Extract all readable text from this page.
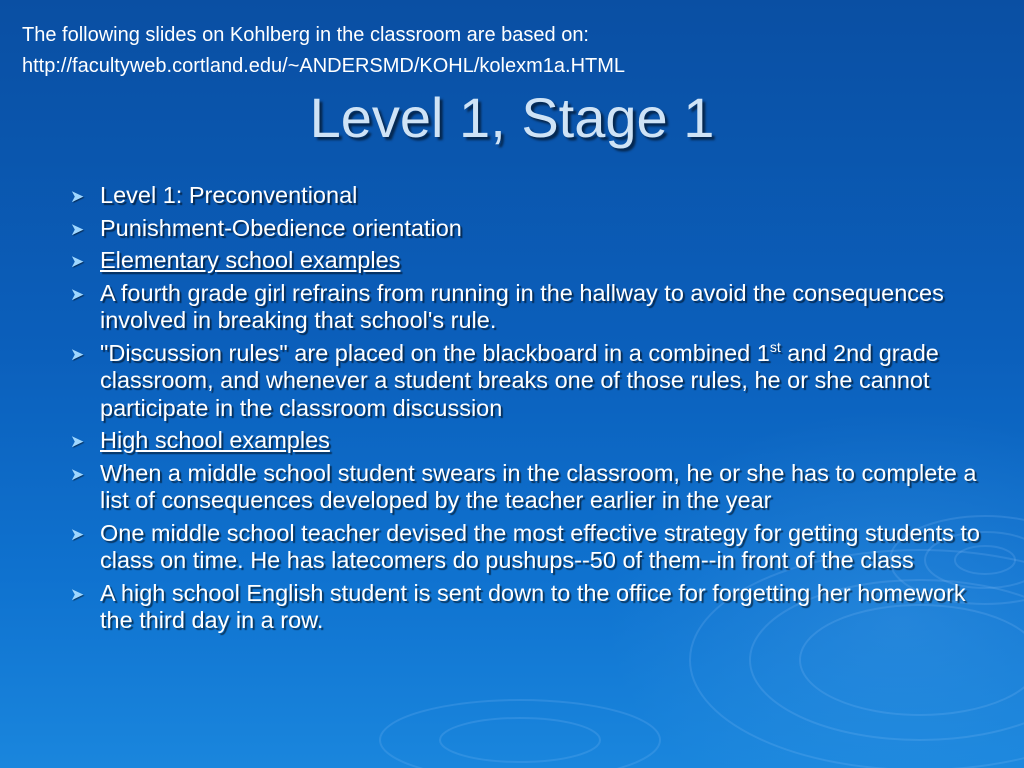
The following slides on Kohlberg in the classroom are based on:
http://facultyweb.cortland.edu/~ANDERSMD/KOHL/kolexm1a.HTML
Level 1, Stage 1
➤ Level 1: Preconventional
➤ Punishment-Obedience orientation
➤ Elementary school examples
➤ A fourth grade girl refrains from running in the hallway to avoid the consequences involved in breaking that school's rule.
➤ "Discussion rules" are placed on the blackboard in a combined 1st and 2nd grade classroom, and whenever a student breaks one of those rules, he or she cannot participate in the classroom discussion
➤ High school examples
➤ When a middle school student swears in the classroom, he or she has to complete a list of consequences developed by the teacher earlier in the year
➤ One middle school teacher devised the most effective strategy for getting students to class on time. He has latecomers do pushups--50 of them--in front of the class
➤ A high school English student is sent down to the office for forgetting her homework the third day in a row.
